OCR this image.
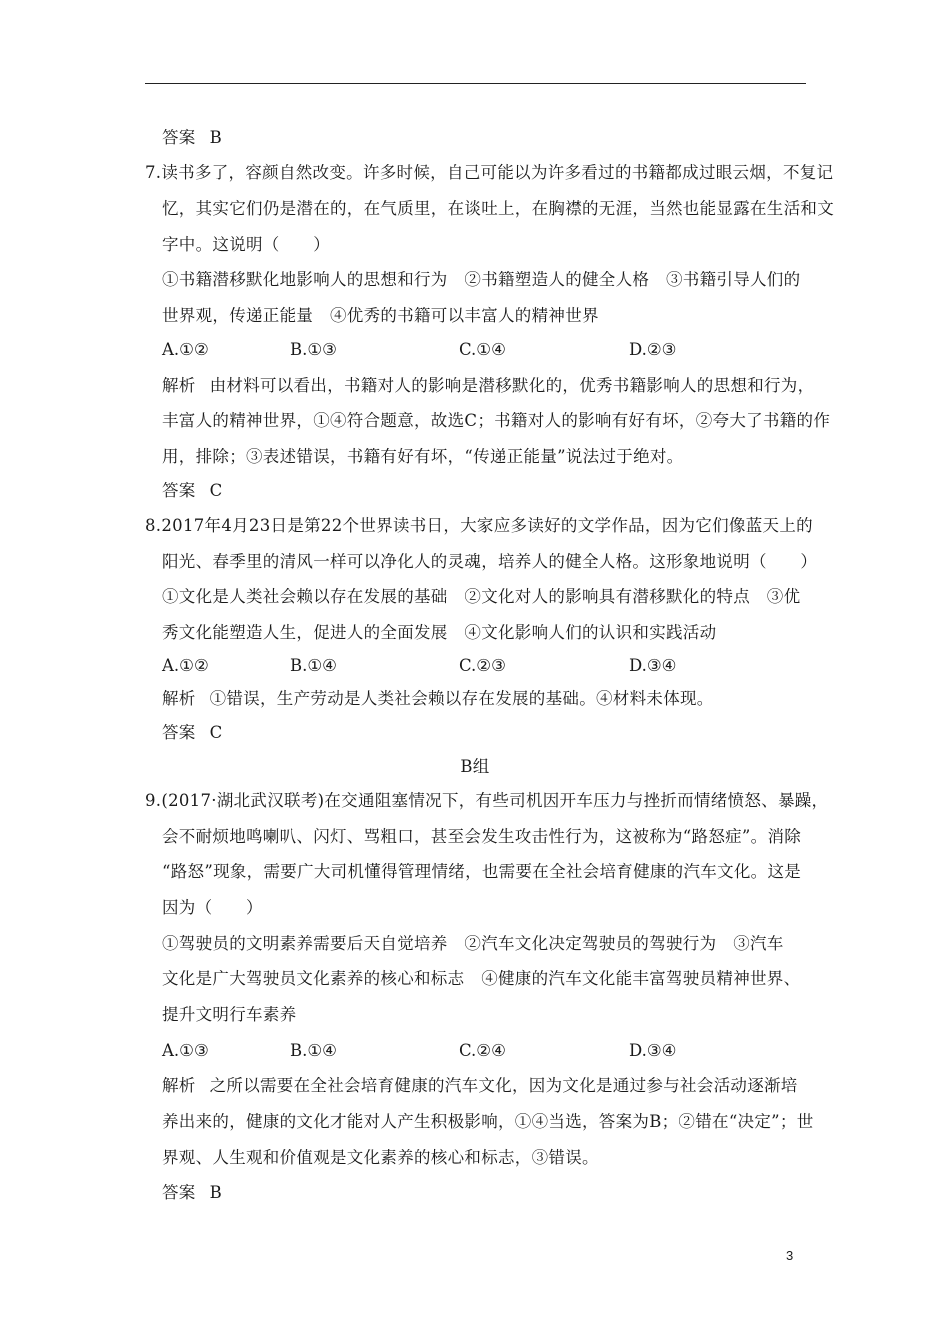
答案 B
7.读书多了，容颜自然改变。许多时候，自己可能以为许多看过的书籍都成过眼云烟，不复记
忆，其实它们仍是潜在的，在气质里，在谈吐上，在胸襟的无涯，当然也能显露在生活和文
字中。这说明（　　）
①书籍潜移默化地影响人的思想和行为　②书籍塑造人的健全人格　③书籍引导人们的
世界观，传递正能量　④优秀的书籍可以丰富人的精神世界
A.①②	B.①③	C.①④	D.②③
解析 由材料可以看出，书籍对人的影响是潜移默化的，优秀书籍影响人的思想和行为，
丰富人的精神世界，①④符合题意，故选C；书籍对人的影响有好有坏，②夸大了书籍的作
用，排除；③表述错误，书籍有好有坏，“传递正能量”说法过于绝对。
答案 C
8.2017年4月23日是第22个世界读书日，大家应多读好的文学作品，因为它们像蓝天上的
阳光、春季里的清风一样可以净化人的灵魂，培养人的健全人格。这形象地说明（　　）
①文化是人类社会赖以存在发展的基础　②文化对人的影响具有潜移默化的特点　③优
秀文化能塑造人生，促进人的全面发展　④文化影响人们的认识和实践活动
A.①②	B.①④	C.②③	D.③④
解析 ①错误，生产劳动是人类社会赖以存在发展的基础。④材料未体现。
答案 C
B组
9.(2017·湖北武汉联考)在交通阻塞情况下，有些司机因开车压力与挫折而情绪愤怒、暴躁，
会不耐烦地鸣喇叭、闪灯、骂粗口，甚至会发生攻击性行为，这被称为“路怒症”。消除
“路怒”现象，需要广大司机懂得管理情绪，也需要在全社会培育健康的汽车文化。这是
因为（　　）
①驾驶员的文明素养需要后天自觉培养　②汽车文化决定驾驶员的驾驶行为　③汽车
文化是广大驾驶员文化素养的核心和标志　④健康的汽车文化能丰富驾驶员精神世界、
提升文明行车素养
A.①③	B.①④	C.②④	D.③④
解析 之所以需要在全社会培育健康的汽车文化，因为文化是通过参与社会活动逐渐培
养出来的，健康的文化才能对人产生积极影响，①④当选，答案为B；②错在“决定”；世
界观、人生观和价值观是文化素养的核心和标志，③错误。
答案 B
3
